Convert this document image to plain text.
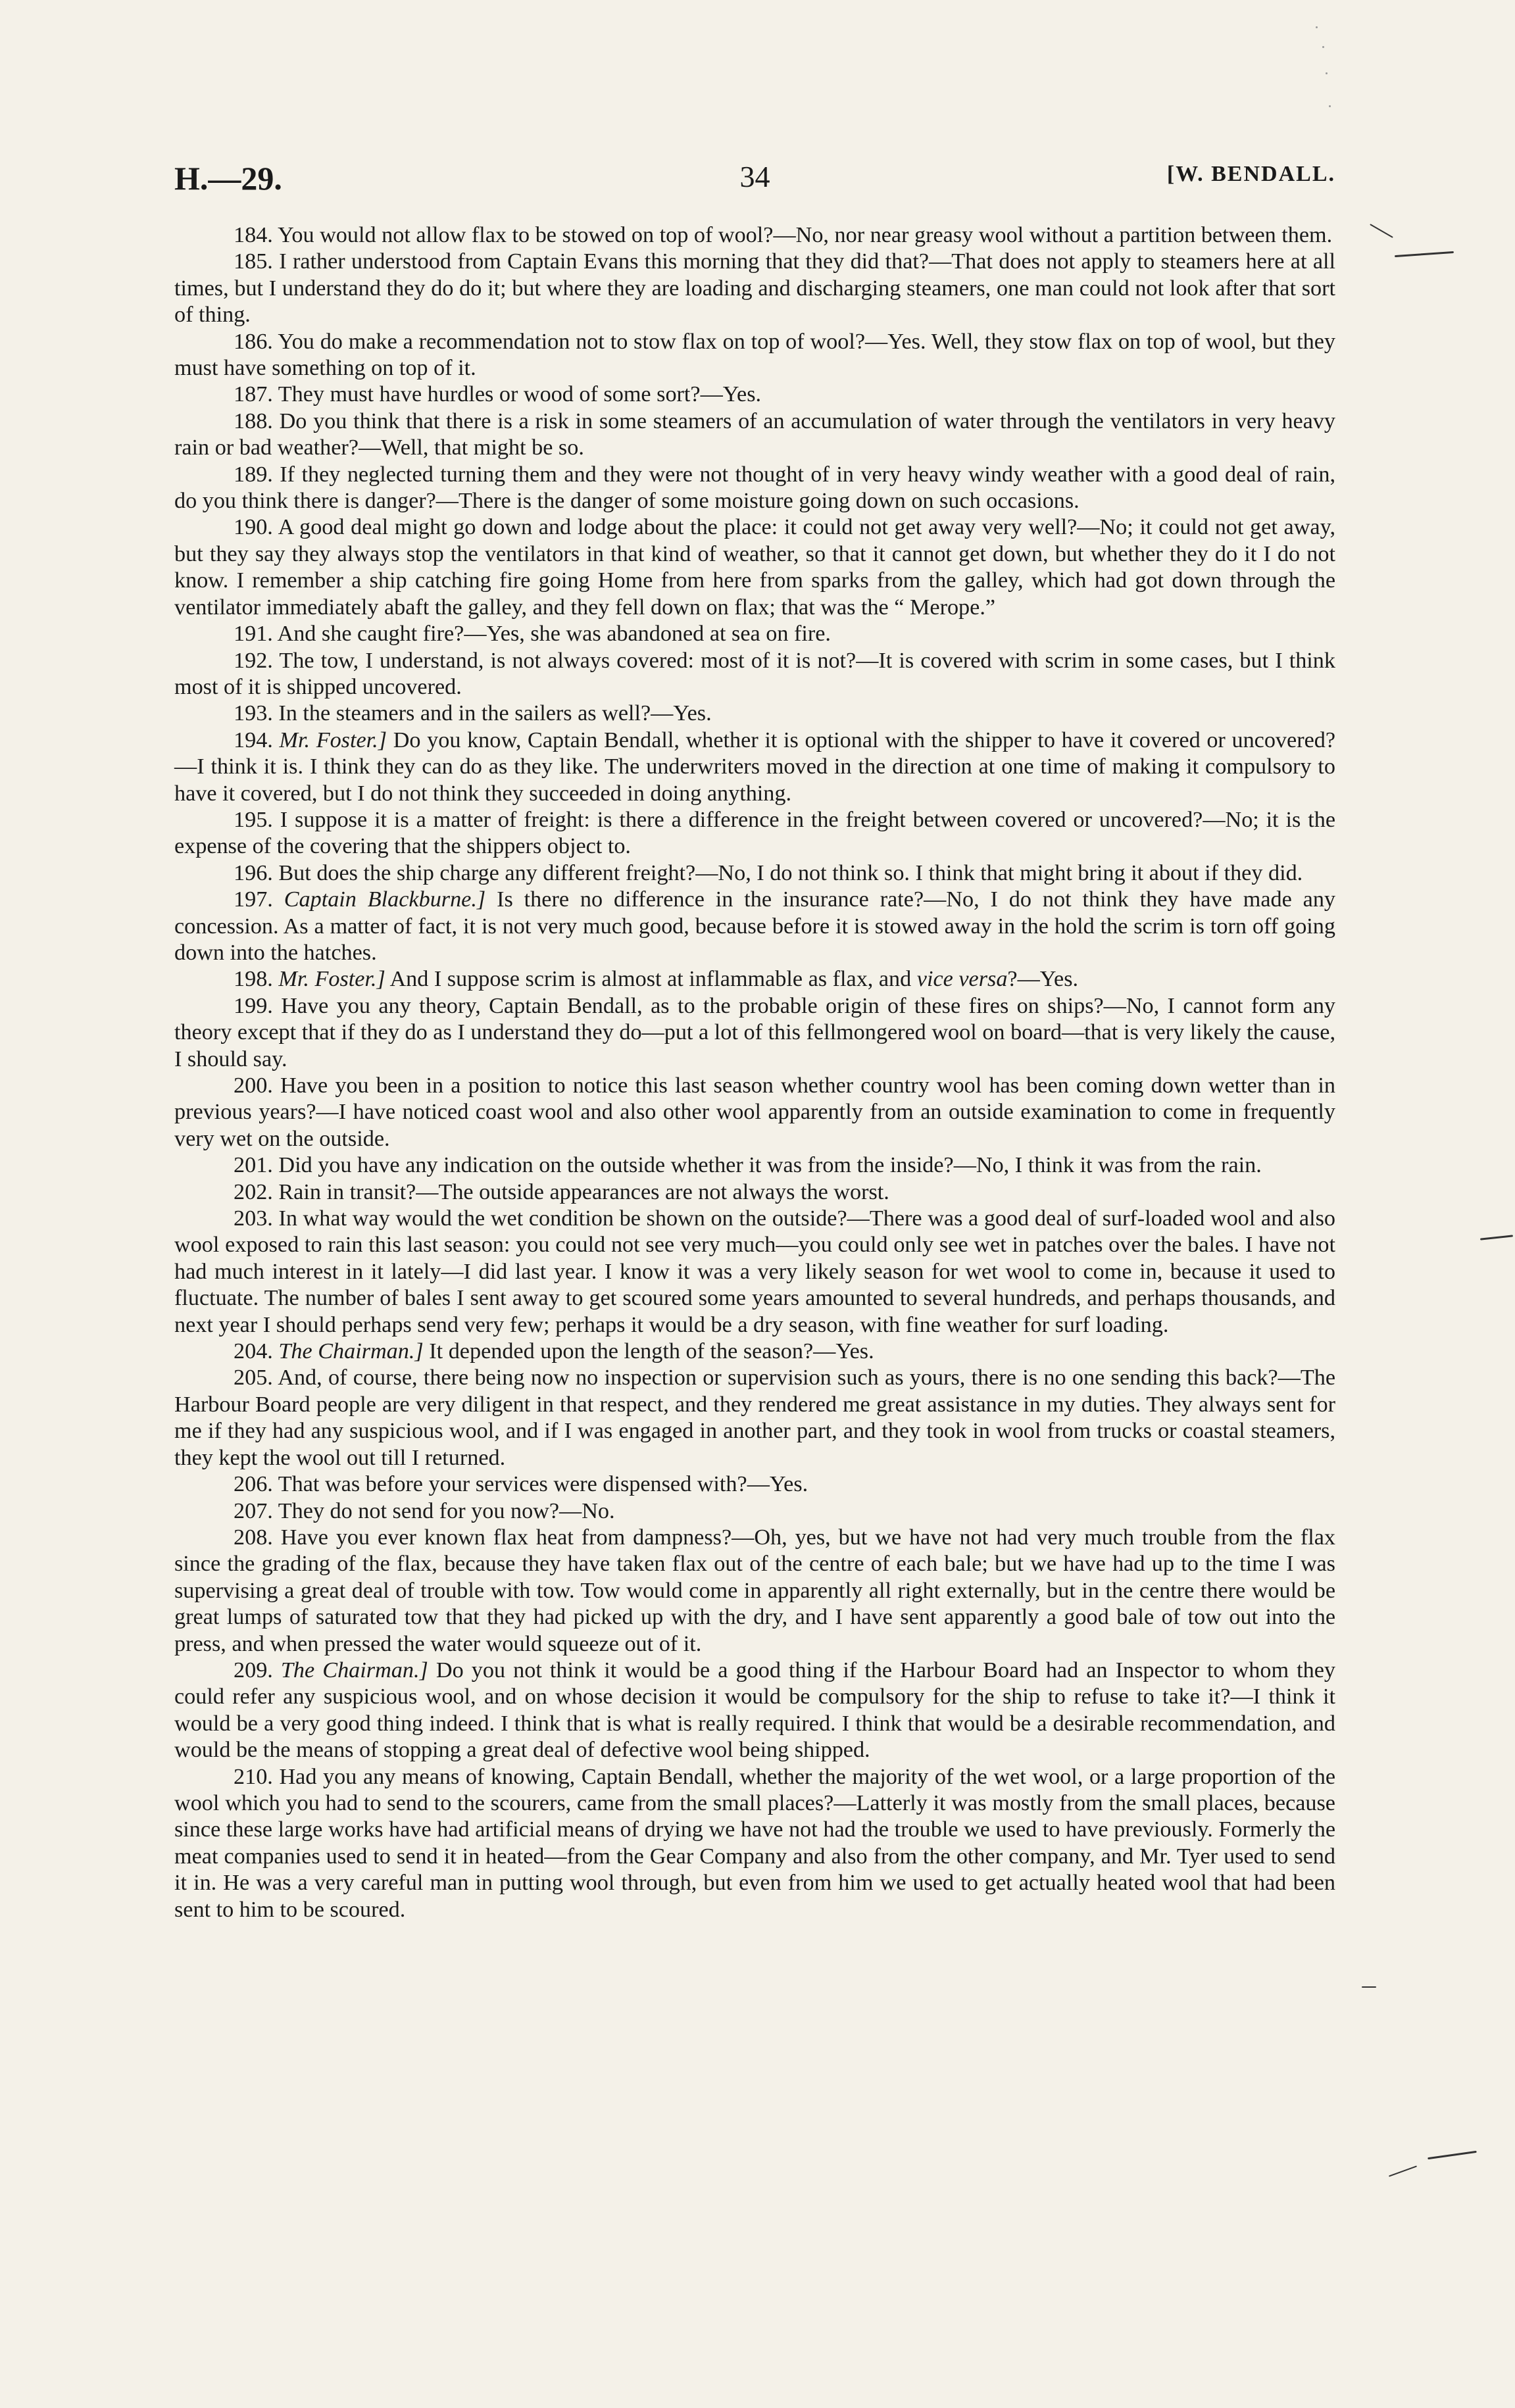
H.—29.	34	[W. BENDALL.

184. You would not allow flax to be stowed on top of wool?—No, nor near greasy wool without a partition between them.

185. I rather understood from Captain Evans this morning that they did that?—That does not apply to steamers here at all times, but I understand they do do it; but where they are loading and discharging steamers, one man could not look after that sort of thing.

186. You do make a recommendation not to stow flax on top of wool?—Yes. Well, they stow flax on top of wool, but they must have something on top of it.

187. They must have hurdles or wood of some sort?—Yes.

188. Do you think that there is a risk in some steamers of an accumulation of water through the ventilators in very heavy rain or bad weather?—Well, that might be so.

189. If they neglected turning them and they were not thought of in very heavy windy weather with a good deal of rain, do you think there is danger?—There is the danger of some moisture going down on such occasions.

190. A good deal might go down and lodge about the place: it could not get away very well?—No; it could not get away, but they say they always stop the ventilators in that kind of weather, so that it cannot get down, but whether they do it I do not know. I remember a ship catching fire going Home from here from sparks from the galley, which had got down through the ventilator immediately abaft the galley, and they fell down on flax; that was the “ Merope.”

191. And she caught fire?—Yes, she was abandoned at sea on fire.

192. The tow, I understand, is not always covered: most of it is not?—It is covered with scrim in some cases, but I think most of it is shipped uncovered.

193. In the steamers and in the sailers as well?—Yes.

194. Mr. Foster.] Do you know, Captain Bendall, whether it is optional with the shipper to have it covered or uncovered?—I think it is. I think they can do as they like. The underwriters moved in the direction at one time of making it compulsory to have it covered, but I do not think they succeeded in doing anything.

195. I suppose it is a matter of freight: is there a difference in the freight between covered or uncovered?—No; it is the expense of the covering that the shippers object to.

196. But does the ship charge any different freight?—No, I do not think so. I think that might bring it about if they did.

197. Captain Blackburne.] Is there no difference in the insurance rate?—No, I do not think they have made any concession. As a matter of fact, it is not very much good, because before it is stowed away in the hold the scrim is torn off going down into the hatches.

198. Mr. Foster.] And I suppose scrim is almost at inflammable as flax, and vice versa?—Yes.

199. Have you any theory, Captain Bendall, as to the probable origin of these fires on ships?—No, I cannot form any theory except that if they do as I understand they do—put a lot of this fellmongered wool on board—that is very likely the cause, I should say.

200. Have you been in a position to notice this last season whether country wool has been coming down wetter than in previous years?—I have noticed coast wool and also other wool apparently from an outside examination to come in frequently very wet on the outside.

201. Did you have any indication on the outside whether it was from the inside?—No, I think it was from the rain.

202. Rain in transit?—The outside appearances are not always the worst.

203. In what way would the wet condition be shown on the outside?—There was a good deal of surf-loaded wool and also wool exposed to rain this last season: you could not see very much—you could only see wet in patches over the bales. I have not had much interest in it lately—I did last year. I know it was a very likely season for wet wool to come in, because it used to fluctuate. The number of bales I sent away to get scoured some years amounted to several hundreds, and perhaps thousands, and next year I should perhaps send very few; perhaps it would be a dry season, with fine weather for surf loading.

204. The Chairman.] It depended upon the length of the season?—Yes.

205. And, of course, there being now no inspection or supervision such as yours, there is no one sending this back?—The Harbour Board people are very diligent in that respect, and they rendered me great assistance in my duties. They always sent for me if they had any suspicious wool, and if I was engaged in another part, and they took in wool from trucks or coastal steamers, they kept the wool out till I returned.

206. That was before your services were dispensed with?—Yes.

207. They do not send for you now?—No.

208. Have you ever known flax heat from dampness?—Oh, yes, but we have not had very much trouble from the flax since the grading of the flax, because they have taken flax out of the centre of each bale; but we have had up to the time I was supervising a great deal of trouble with tow. Tow would come in apparently all right externally, but in the centre there would be great lumps of saturated tow that they had picked up with the dry, and I have sent apparently a good bale of tow out into the press, and when pressed the water would squeeze out of it.

209. The Chairman.] Do you not think it would be a good thing if the Harbour Board had an Inspector to whom they could refer any suspicious wool, and on whose decision it would be compulsory for the ship to refuse to take it?—I think it would be a very good thing indeed. I think that is what is really required. I think that would be a desirable recommendation, and would be the means of stopping a great deal of defective wool being shipped.

210. Had you any means of knowing, Captain Bendall, whether the majority of the wet wool, or a large proportion of the wool which you had to send to the scourers, came from the small places?—Latterly it was mostly from the small places, because since these large works have had artificial means of drying we have not had the trouble we used to have previously. Formerly the meat companies used to send it in heated—from the Gear Company and also from the other company, and Mr. Tyer used to send it in. He was a very careful man in putting wool through, but even from him we used to get actually heated wool that had been sent to him to be scoured.
